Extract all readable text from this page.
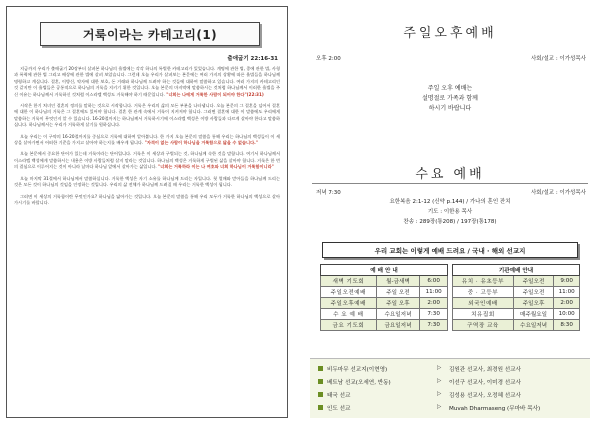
거룩이라는 카테고리(1)
출애굽기 22:16-31

지금까지 우리가 출애굽기 20장부터 살펴본 하나님의 율법에는 각각 하나의 특별한 카테고리가 있었습니다. 계명에 관한 법, 종에 관한 법, 사형과 폭력에 관한 법 그리고 배상에 관한 법에 살펴 보았습니다. 그런데 오늘 우리가 살펴보는 본문에는 여러 가지의 상황에 따른 율법들을 하나님께 명령하고 계십니다. 결혼, 이방신, 약자에 대한 보호, 돈 거래와 하나님께 드려야 하는 것들에 대하여 말씀하고 있습니다. 여러 가지의 카테고리인 것 같지만 이 율법들은 공통적으로 하나님의 거룩을 지키기 위한 것입니다. 오늘 본문의 마지막에 말씀하시는 것처럼 하나님께서 이러한 율법을 주신 이유는 하나님께서 거룩하신 것처럼 이스라엘 백성도 거룩해야 하기 때문입니다. "너희는 나에게 거룩한 사람이 되어야 한다"(22:31)

시작은 한기 처녀인 결혼의 정의를 말하는 것으로 시작합니다. 거룩은 우리의 삶의 모든 부분을 나타냅니다. 오늘 본문의 그 결혼을 넘어서 결혼에 대한 이 하나님의 거룩은 그 결혼에도 있어야 합니다. 결혼 한 관계 속에서 거룩이 지켜져야 합니다. 그러면 결혼에 대한 이 말씀에도 우리에게 말씀하는 거룩이 무엇인지 알 수 있습니다. 16-20절까지는 하나님께서 거룩하시기에 이스라엘 백성은 이방 사람들과 다르게 살아야 한다고 말씀하십니다. 하나님께서는 우리가 거룩하게 살기를 원하십니다.

오늘 우리는 이 구약의 16-20절까지를 중심으로 거룩에 대하여 알아봅니다. 한 가지 오늘 본문의 말씀을 통해 우리는 하나님의 백성들이 이 세상을 살아가면서 어떠한 기준을 가지고 살아야 하는지를 배우게 됩니다. "자격이 없는 사람이 하나님을 거룩함으로 닮을 수 없습니다."

오늘 본문에서 중요한 단어가 있는데 거룩이라는 단어입니다. 거룩은 이 세상과 구별되는 것, 하나님께 속한 것을 말합니다. 여기서 하나님께서 이스라엘 백성에게 말씀하시는 내용은 이방 사람들처럼 살지 말라는 것입니다. 하나님의 백성은 거룩하게 구별된 삶을 살아야 합니다. 거룩은 한 번의 결심으로 이루어지는 것이 아니라 날마다 하나님 앞에서 살아가는 삶입니다. "너희는 거룩하라 이는 나 여호와 너희 하나님이 거룩함이니라"

오늘 마지막 31절에서 하나님께서 말씀하십니다. 거룩한 백성은 자기 소유를 하나님께 드리는 자입니다. 첫 열매와 맏아들을 하나님께 드리는 것은 모든 것이 하나님의 것임을 인정하는 것입니다. 우리의 삶 전체가 하나님께 드려질 때 우리는 거룩한 백성이 됩니다.

그러면 이 세상의 거룩함이란 무엇인가요? 하나님을 닮아가는 것입니다. 오늘 본문의 말씀을 통해 우리 모두가 거룩한 하나님의 백성으로 살아가시기를 바랍니다.

주일오후예배
오후 2:00	사회/설교 : 이가성목사
주일 오후 예배는
설명절로 가족과 함께
하시기 바랍니다
수요 예배
저녁 7:30	사회/설교 : 이가성목사
요한복음 2:1-12 (신약 p.144) / 가나의 혼인 잔치
기도 : 이한용 목사
찬송 : 289장(통208) / 197장(통178)
우리 교회는 이렇게 예배 드려요 / 국내 · 해외 선교지
예 배 안 내		
새벽 기도회	월-금새벽	6:00
주일오전예배	주일 오전	11:00
주일오후예배	주일 오후	2:00
수 요 예 배	수요일저녁	7:30
금요 기도회	금요일저녁	7:30
기관예배 안내		
유치 · 유초등부	주일오전	9:00
중 · 고등부	주일오전	11:00
외국인예배	주일오후	2:00
치유집회	매주월요일	10:00
구역장 교육	수요일저녁	8:30
비두마무 선교지(이현영)	▷	김원관 선교사, 최경원 선교사
베트남 선교(오세연, 반동)	▷	이선구 선교사, 이미경 선교사
태국 선교	▷	김성용 선교사, 오정혜 선교사
인도 선교	▷	Muvah Dharmaseng (무마바 목사)
